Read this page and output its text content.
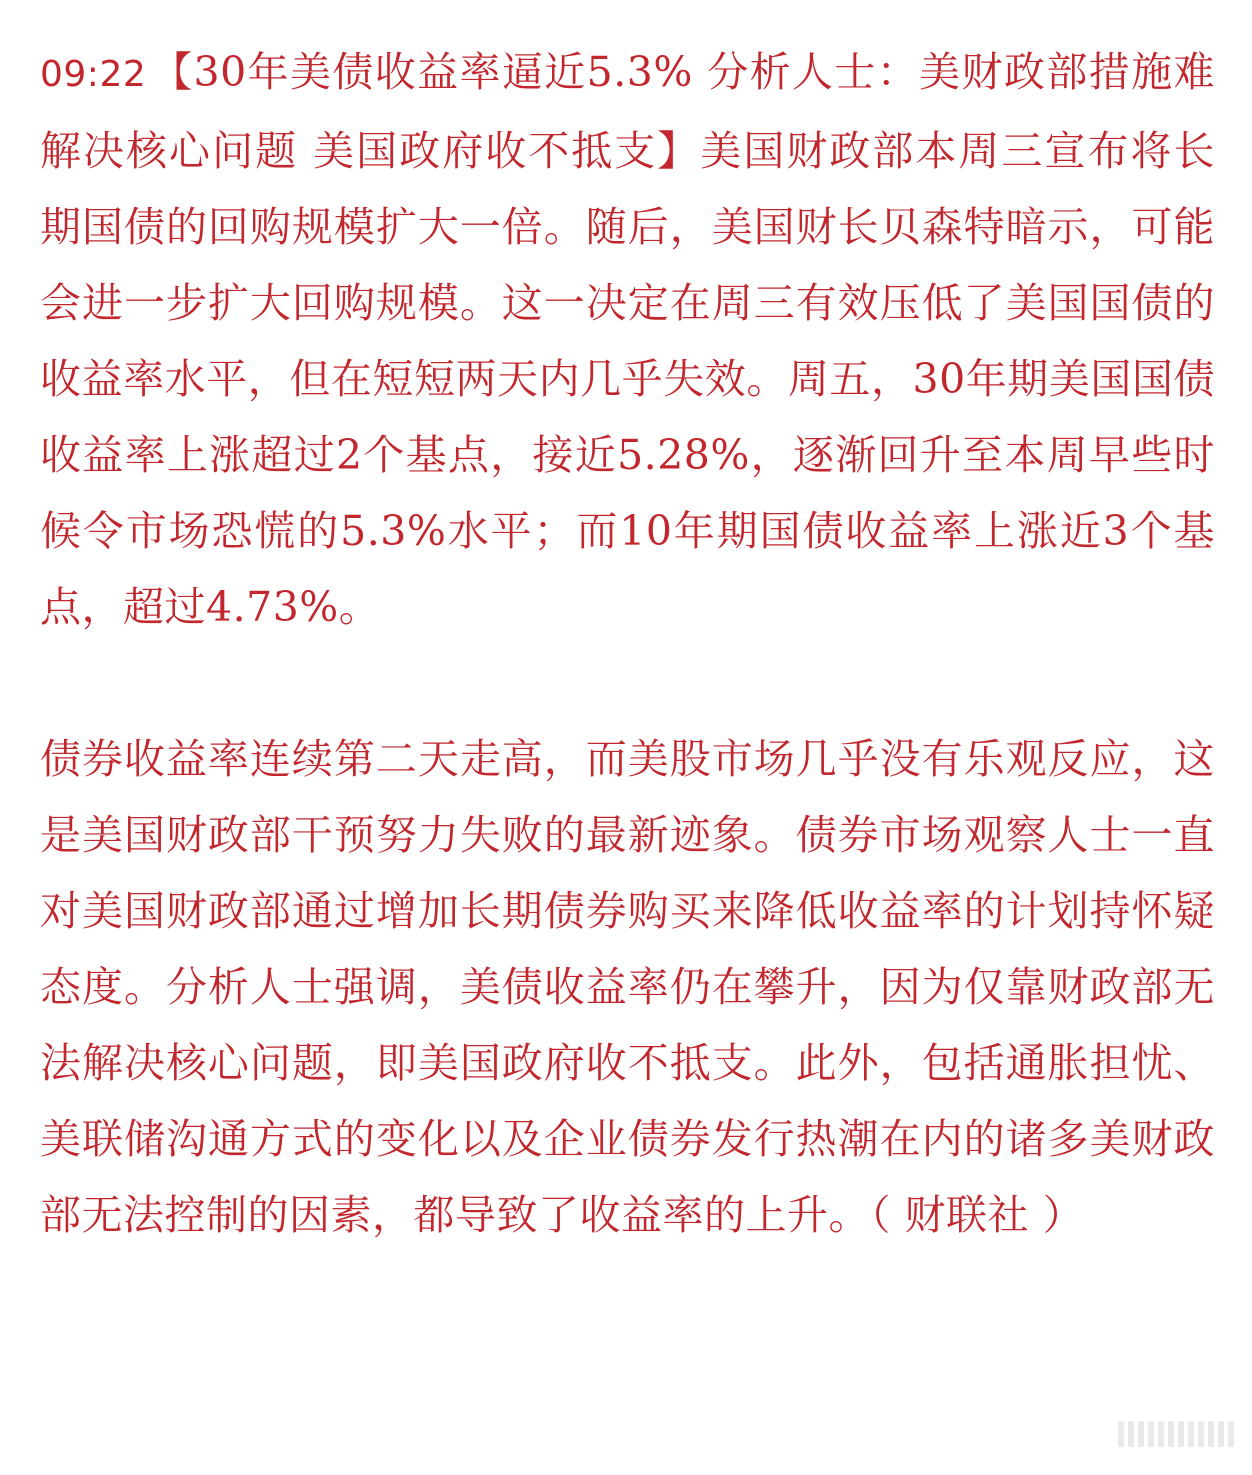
09:22【30年美债收益率逼近5.3% 分析人士：美财政部措施难解决核心问题 美国政府收不抵支】美国财政部本周三宣布将长期国债的回购规模扩大一倍。随后，美国财长贝森特暗示，可能会进一步扩大回购规模。这一决定在周三有效压低了美国国债的收益率水平，但在短短两天内几乎失效。周五，30年期美国国债收益率上涨超过2个基点，接近5.28%，逐渐回升至本周早些时候令市场恐慌的5.3%水平；而10年期国债收益率上涨近3个基点，超过4.73%。

债券收益率连续第二天走高，而美股市场几乎没有乐观反应，这是美国财政部干预努力失败的最新迹象。债券市场观察人士一直对美国财政部通过增加长期债券购买来降低收益率的计划持怀疑态度。分析人士强调，美债收益率仍在攀升，因为仅靠财政部无法解决核心问题，即美国政府收不抵支。此外，包括通胀担忧、美联储沟通方式的变化以及企业债券发行热潮在内的诸多美财政部无法控制的因素，都导致了收益率的上升。（ 财联社 ）
